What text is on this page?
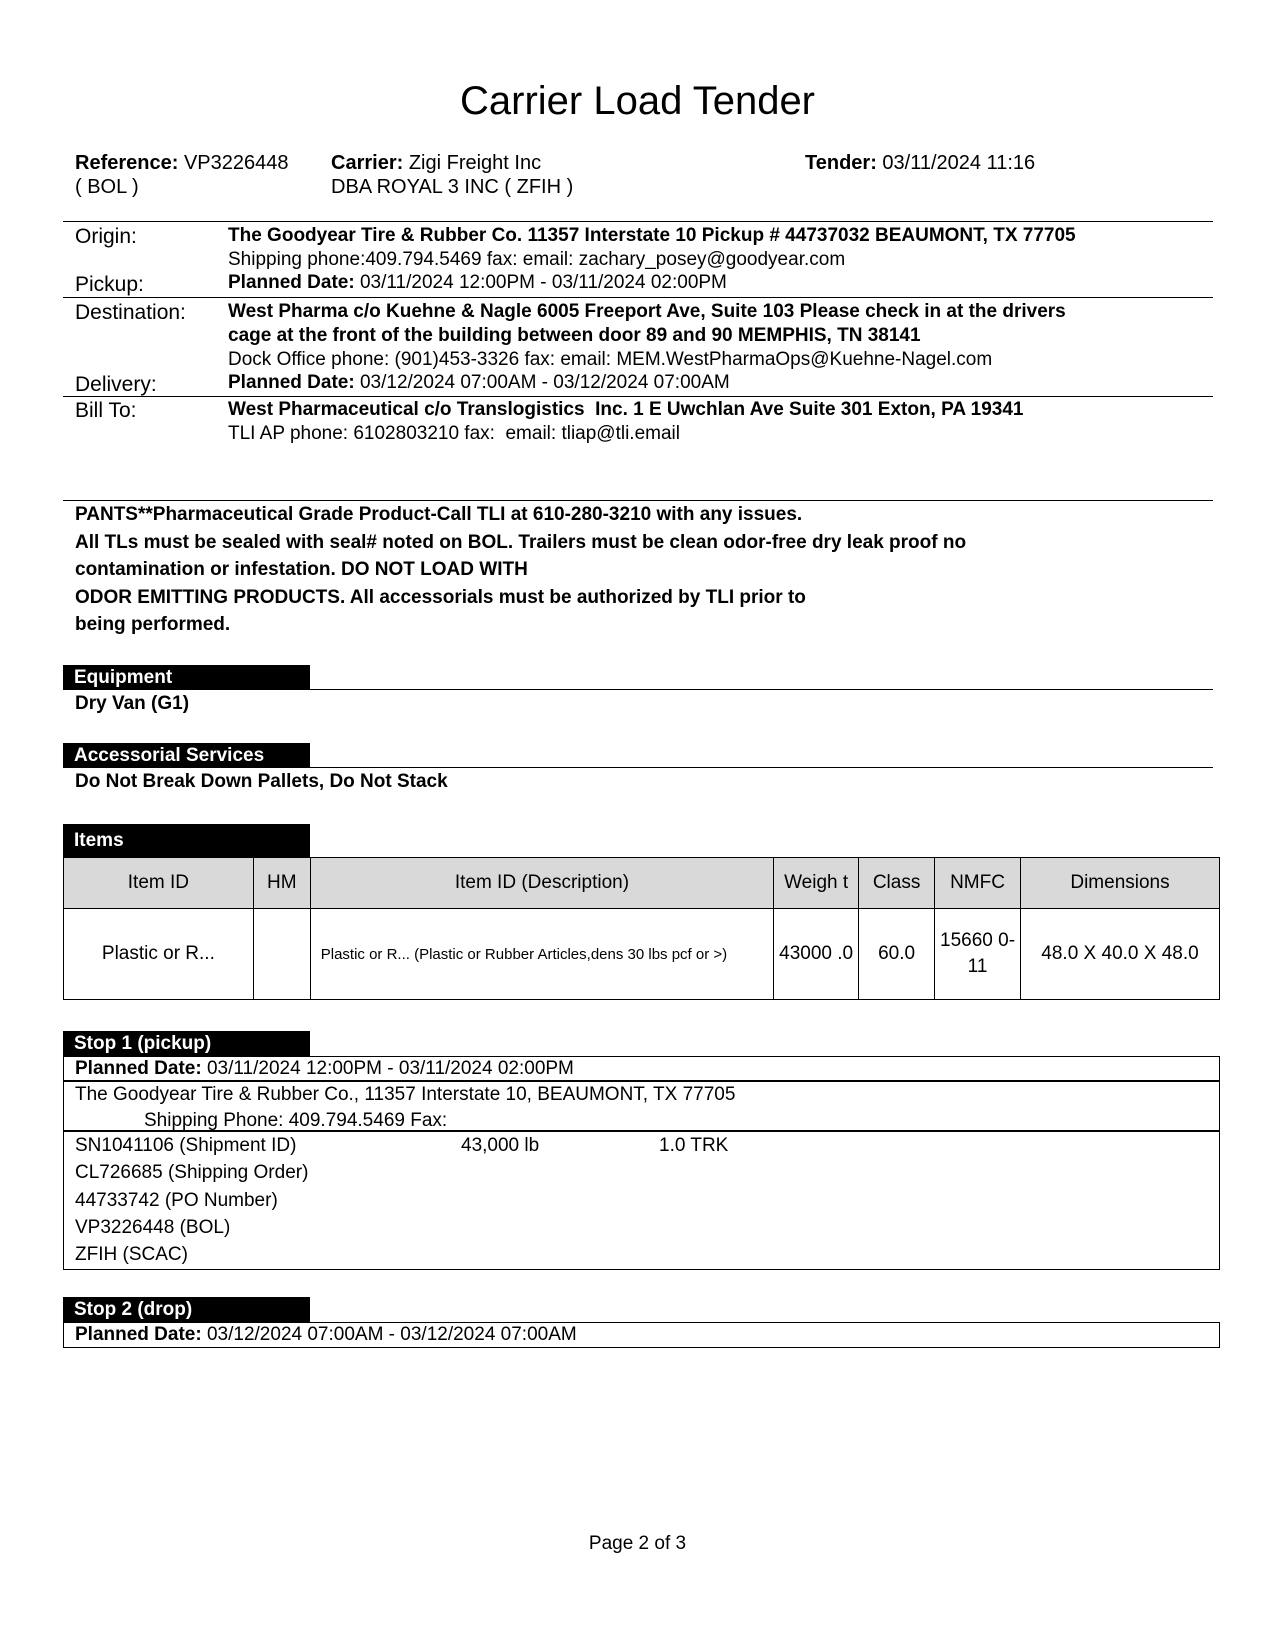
Carrier Load Tender
Reference: VP3226448
( BOL )
Carrier: Zigi Freight Inc
DBA ROYAL 3 INC ( ZFIH )
Tender: 03/11/2024 11:16
Origin:	The Goodyear Tire & Rubber Co. 11357 Interstate 10 Pickup # 44737032 BEAUMONT, TX 77705
Shipping phone:409.794.5469 fax: email: zachary_posey@goodyear.com
Pickup:	Planned Date: 03/11/2024 12:00PM - 03/11/2024 02:00PM
Destination: West Pharma c/o Kuehne & Nagle 6005 Freeport Ave, Suite 103 Please check in at the drivers
cage at the front of the building between door 89 and 90 MEMPHIS, TN 38141
Dock Office phone: (901)453-3326 fax: email: MEM.WestPharmaOps@Kuehne-Nagel.com
Delivery:	Planned Date: 03/12/2024 07:00AM - 03/12/2024 07:00AM
Bill To:	West Pharmaceutical c/o Translogistics  Inc. 1 E Uwchlan Ave Suite 301 Exton, PA 19341
TLI AP phone: 6102803210 fax:  email: tliap@tli.email
PANTS**Pharmaceutical Grade Product-Call TLI at 610-280-3210 with any issues.
All TLs must be sealed with seal# noted on BOL. Trailers must be clean odor-free dry leak proof no
contamination or infestation. DO NOT LOAD WITH
ODOR EMITTING PRODUCTS. All accessorials must be authorized by TLI prior to
being performed.
Equipment
Dry Van (G1)
Accessorial Services
Do Not Break Down Pallets, Do Not Stack
Items
Item ID	HM	Item ID (Description)	Weigh t	Class	NMFC	Dimensions
Plastic or R...		Plastic or R... (Plastic or Rubber Articles,dens 30 lbs pcf or >)	43000 .0	60.0	15660 0-11	48.0 X 40.0 X 48.0
Stop 1 (pickup)
Planned Date: 03/11/2024 12:00PM - 03/11/2024 02:00PM
The Goodyear Tire & Rubber Co., 11357 Interstate 10, BEAUMONT, TX 77705
Shipping Phone: 409.794.5469 Fax:
SN1041106 (Shipment ID)	43,000 lb	1.0 TRK
CL726685 (Shipping Order)
44733742 (PO Number)
VP3226448 (BOL)
ZFIH (SCAC)
Stop 2 (drop)
Planned Date: 03/12/2024 07:00AM - 03/12/2024 07:00AM
Page 2 of 3
